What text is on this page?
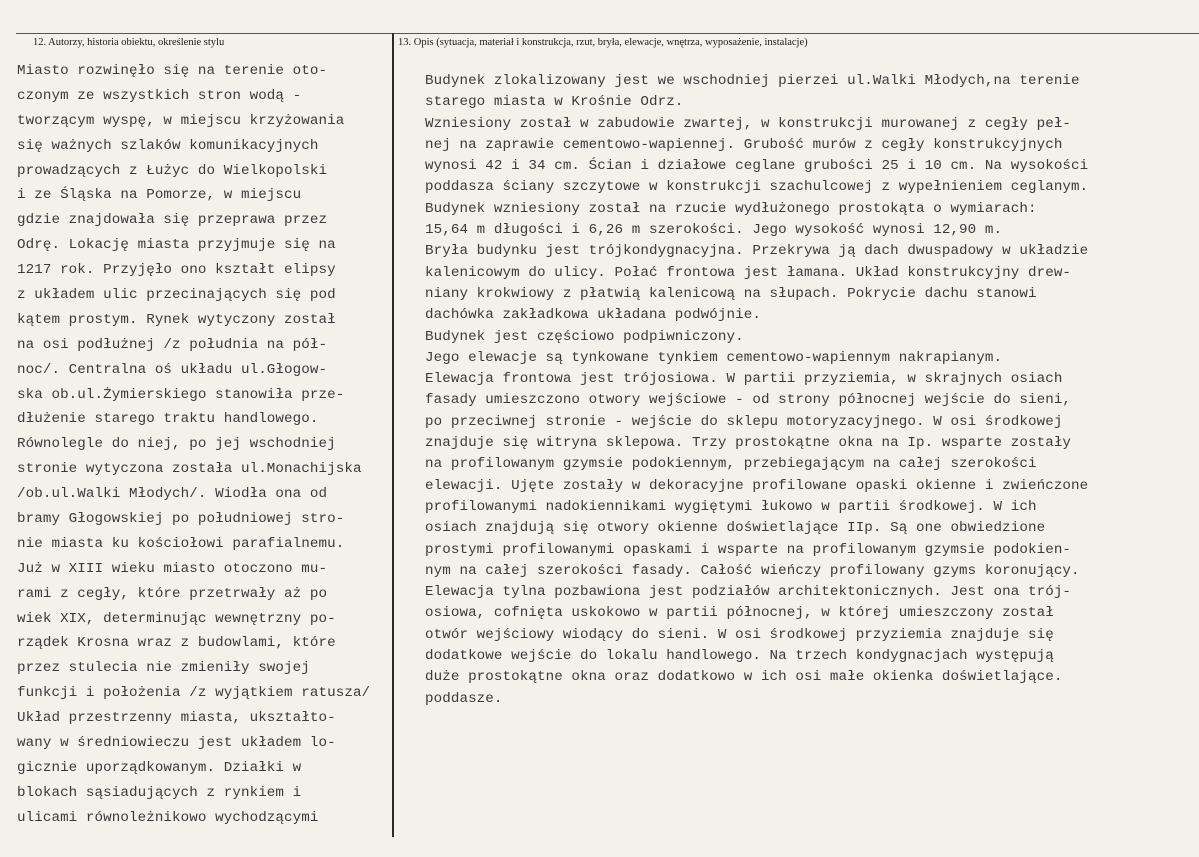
12. Autorzy, historia obiektu, określenie stylu	13. Opis (sytuacja, materiał i konstrukcja, rzut, bryła, elewacje, wnętrza, wyposażenie, instalacje)
Miasto rozwinęło się na terenie oto-
czonym ze wszystkich stron wodą -
tworzącym wyspę, w miejscu krzyżowania
się ważnych szlaków komunikacyjnych
prowadzących z Łużyc do Wielkopolski
i ze Śląska na Pomorze, w miejscu
gdzie znajdowała się przeprawa przez
Odrę. Lokację miasta przyjmuje się na
1217 rok. Przyjęło ono kształt elipsy
z układem ulic przecinających się pod
kątem prostym. Rynek wytyczony został
na osi podłużnej /z południa na pół-
noc/. Centralna oś układu ul.Głogow-
ska ob.ul.Żymierskiego stanowiła prze-
dłużenie starego traktu handlowego.
Równolegle do niej, po jej wschodniej
stronie wytyczona została ul.Monachijska
/ob.ul.Walki Młodych/. Wiodła ona od
bramy Głogowskiej po południowej stro-
nie miasta ku kościołowi parafialnemu.
Już w XIII wieku miasto otoczono mu-
rami z cegły, które przetrwały aż po
wiek XIX, determinując wewnętrzny po-
rządek Krosna wraz z budowlami, które
przez stulecia nie zmieniły swojej
funkcji i położenia /z wyjątkiem ratusza/
Układ przestrzenny miasta, ukształto-
wany w średniowieczu jest układem lo-
gicznie uporządkowanym. Działki w
blokach sąsiadujących z rynkiem i
ulicami równoleżnikowo wychodzącymi
Budynek zlokalizowany jest we wschodniej pierzei ul.Walki Młodych,na terenie
starego miasta w Krośnie Odrz.
Wzniesiony został w zabudowie zwartej, w konstrukcji murowanej z cegły peł-
nej na zaprawie cementowo-wapiennej. Grubość murów z cegły konstrukcyjnych
wynosi 42 i 34 cm. Ścian i działowe ceglane grubości 25 i 10 cm. Na wysokości
poddasza ściany szczytowe w konstrukcji szachulcowej z wypełnieniem ceglanym.
Budynek wzniesiony został na rzucie wydłużonego prostokąta o wymiarach:
15,64 m długości i 6,26 m szerokości. Jego wysokość wynosi 12,90 m.
Bryła budynku jest trójkondygnacyjna. Przekrywa ją dach dwuspadowy w układzie
kalenicowym do ulicy. Połać frontowa jest łamana. Układ konstrukcyjny drew-
niany krokwiowy z płatwią kalenicową na słupach. Pokrycie dachu stanowi
dachówka zakładkowa układana podwójnie.
Budynek jest częściowo podpiwniczony.
Jego elewacje są tynkowane tynkiem cementowo-wapiennym nakrapianym.
Elewacja frontowa jest trójosiowa. W partii przyziemia, w skrajnych osiach
fasady umieszczono otwory wejściowe - od strony północnej wejście do sieni,
po przeciwnej stronie - wejście do sklepu motoryzacyjnego. W osi środkowej
znajduje się witryna sklepowa. Trzy prostokątne okna na Ip. wsparte zostały
na profilowanym gzymsie podokiennym, przebiegającym na całej szerokości
elewacji. Ujęte zostały w dekoracyjne profilowane opaski okienne i zwieńczone
profilowanymi nadokiennikami wygiętymi łukowo w partii środkowej. W ich
osiach znajdują się otwory okienne doświetlające IIp. Są one obwiedzione
prostymi profilowanymi opaskami i wsparte na profilowanym gzymsie podokien-
nym na całej szerokości fasady. Całość wieńczy profilowany gzyms koronujący.
Elewacja tylna pozbawiona jest podziałów architektonicznych. Jest ona trój-
osiowa, cofnięta uskokowo w partii północnej, w której umieszczony został
otwór wejściowy wiodący do sieni. W osi środkowej przyziemia znajduje się
dodatkowe wejście do lokalu handlowego. Na trzech kondygnacjach występują
duże prostokątne okna oraz dodatkowo w ich osi małe okienka doświetlające.
poddasze.
